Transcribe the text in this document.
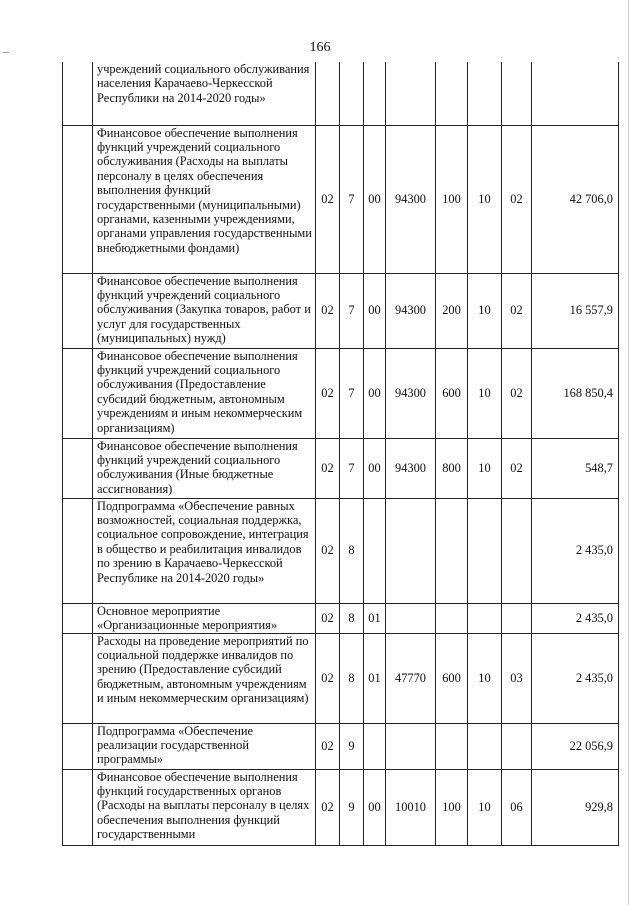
166
	учреждений социального обслуживания населения Карачаево-Черкесской Республики на 2014-2020 годы»								
	Финансовое обеспечение выполнения функций учреждений социального обслуживания (Расходы на выплаты персоналу в целях обеспечения выполнения функций государственными (муниципальными) органами, казенными учреждениями, органами управления государственными внебюджетными фондами)	02	7	00	94300	100	10	02	42 706,0
	Финансовое обеспечение выполнения функций учреждений социального обслуживания (Закупка товаров, работ и услуг для государственных (муниципальных) нужд)	02	7	00	94300	200	10	02	16 557,9
	Финансовое обеспечение выполнения функций учреждений социального обслуживания (Предоставление субсидий бюджетным, автономным учреждениям и иным некоммерческим организациям)	02	7	00	94300	600	10	02	168 850,4
	Финансовое обеспечение выполнения функций учреждений социального обслуживания (Иные бюджетные ассигнования)	02	7	00	94300	800	10	02	548,7
	Подпрограмма «Обеспечение равных возможностей, социальная поддержка, социальное сопровождение, интеграция в общество и реабилитация инвалидов по зрению в Карачаево-Черкесской Республике на 2014-2020 годы»	02	8						2 435,0
	Основное мероприятие «Организационные мероприятия»	02	8	01					2 435,0
	Расходы на проведение мероприятий по социальной поддержке инвалидов по зрению (Предоставление субсидий бюджетным, автономным учреждениям и иным некоммерческим организациям)	02	8	01	47770	600	10	03	2 435,0
	Подпрограмма «Обеспечение реализации государственной программы»	02	9						22 056,9
	Финансовое обеспечение выполнения функций государственных органов (Расходы на выплаты персоналу в целях обеспечения выполнения функций государственными	02	9	00	10010	100	10	06	929,8
